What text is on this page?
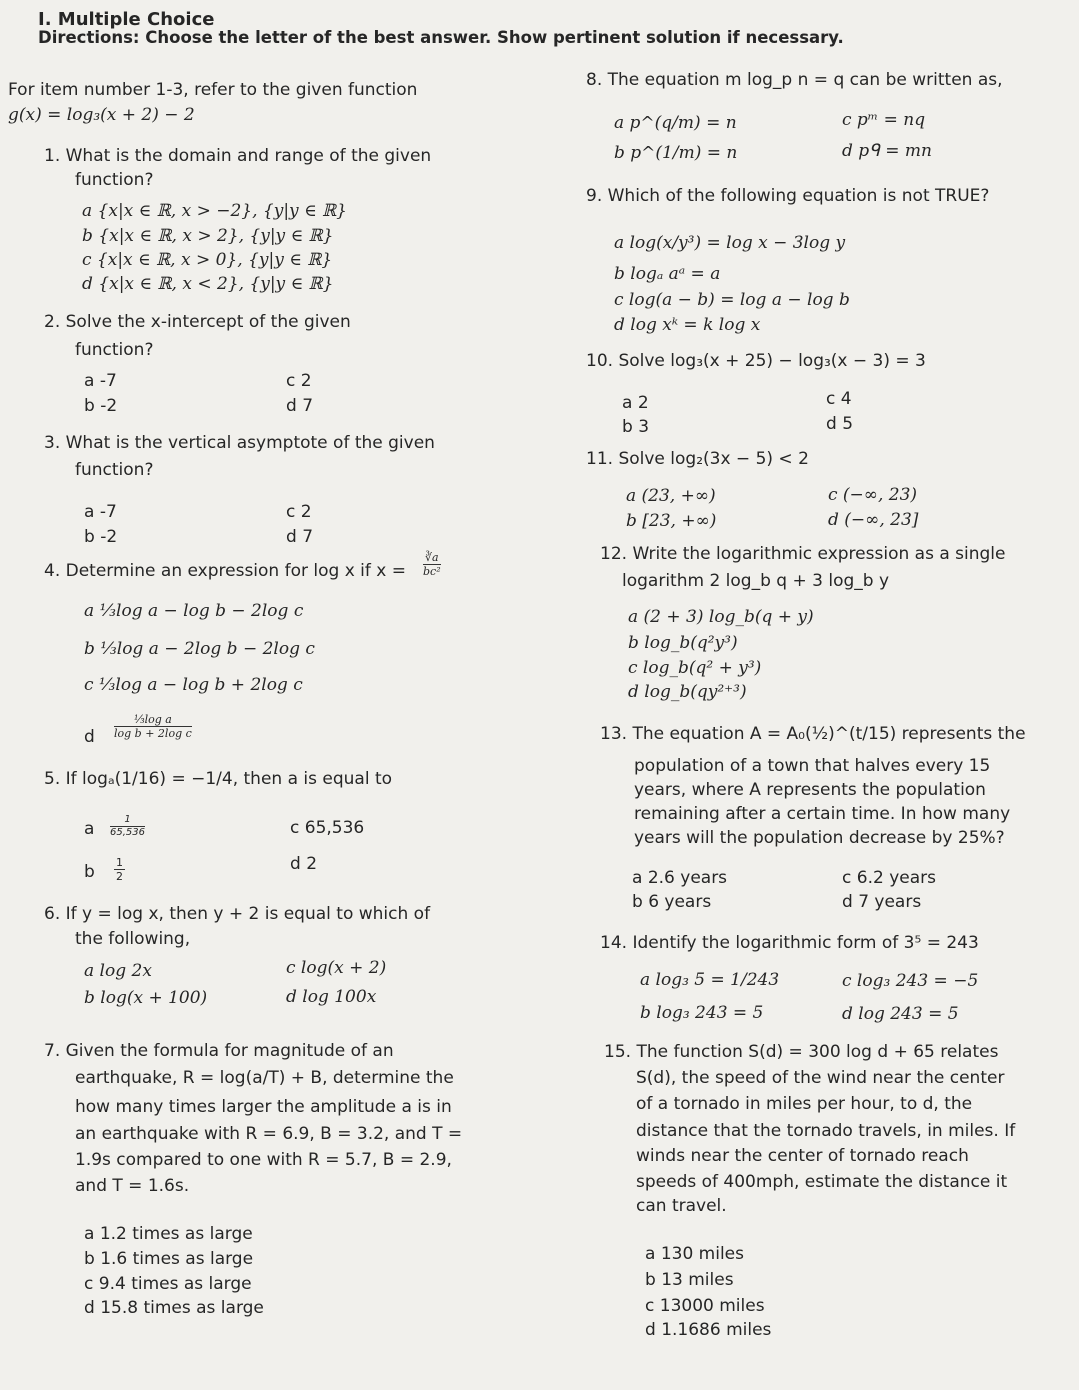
I. Multiple Choice
Directions: Choose the letter of the best answer. Show pertinent solution if necessary.
For item number 1-3, refer to the given function
g(x) = log₃(x + 2) − 2
1. What is the domain and range of the given
function?
a {x|x ∈ ℝ, x > −2}, {y|y ∈ ℝ}
b {x|x ∈ ℝ, x > 2}, {y|y ∈ ℝ}
c {x|x ∈ ℝ, x > 0}, {y|y ∈ ℝ}
d {x|x ∈ ℝ, x < 2}, {y|y ∈ ℝ}
2. Solve the x-intercept of the given
function?
a -7	c 2
b -2	d 7
3. What is the vertical asymptote of the given
function?
a -7	c 2
b -2	d 7
4. Determine an expression for log x if $x = \frac{∛a}{\text{bc²}}$
a ⅓log a − log b − 2log c
b ⅓log a − 2log b − 2log c
c ⅓log a − log b + 2log c
d $\frac{\text{⅓log a}}{\text{log b + 2log c}}$
5. If logₐ(1/16) = −1/4, then a is equal to
a $\frac{1}{65,536}$	c 65,536
b $\frac{1}{2}$	d 2
6. If y = log x, then y + 2 is equal to which of
the following,
a log 2x	c log(x + 2)
b log(x + 100)	d log 100x
7. Given the formula for magnitude of an
earthquake, R = log(a/T) + B, determine the
how many times larger the amplitude a is in
an earthquake with R = 6.9, B = 3.2, and T =
1.9s compared to one with R = 5.7, B = 2.9,
and T = 1.6s.
a 1.2 times as large
b 1.6 times as large
c 9.4 times as large
d 15.8 times as large
8. The equation m log_p n = q can be written as,
a p^(q/m) = n	c pᵐ = nq
b p^(1/m) = n	d pᑫ = mn
9. Which of the following equation is not TRUE?
a log(x/y³) = log x − 3log y
b logₐ aᵃ = a
c log(a − b) = log a − log b
d log xᵏ = k log x
10. Solve log₃(x + 25) − log₃(x − 3) = 3
a 2	c 4
b 3	d 5
11. Solve log₂(3x − 5) < 2
a (23, +∞)	c (−∞, 23)
b [23, +∞)	d (−∞, 23]
12. Write the logarithmic expression as a single
logarithm 2 log_b q + 3 log_b y
a (2 + 3) log_b(q + y)
b log_b(q²y³)
c log_b(q² + y³)
d log_b(qy²⁺³)
13. The equation A = A₀(½)^(t/15) represents the
population of a town that halves every 15
years, where A represents the population
remaining after a certain time. In how many
years will the population decrease by 25%?
a 2.6 years	c 6.2 years
b 6 years	d 7 years
14. Identify the logarithmic form of 3⁵ = 243
a log₃ 5 = 1/243	c log₃ 243 = −5
b log₃ 243 = 5	d log 243 = 5
15. The function S(d) = 300 log d + 65 relates
S(d), the speed of the wind near the center
of a tornado in miles per hour, to d, the
distance that the tornado travels, in miles. If
winds near the center of tornado reach
speeds of 400mph, estimate the distance it
can travel.
a 130 miles
b 13 miles
c 13000 miles
d 1.1686 miles
